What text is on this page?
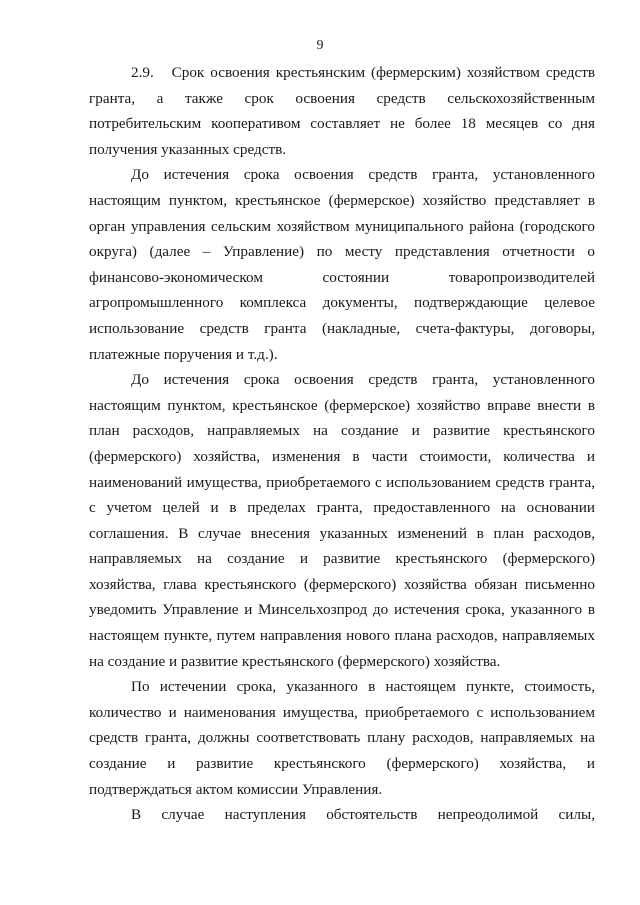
9

2.9.   Срок освоения крестьянским (фермерским) хозяйством средств гранта, а также срок освоения средств сельскохозяйственным потребительским кооперативом составляет не более 18 месяцев со дня получения указанных средств.

До истечения срока освоения средств гранта, установленного настоящим пунктом, крестьянское (фермерское) хозяйство представляет в орган управления сельским хозяйством муниципального района (городского округа) (далее – Управление) по месту представления отчетности о финансово-экономическом состоянии товаропроизводителей агропромышленного комплекса документы, подтверждающие целевое использование средств гранта (накладные, счета-фактуры, договоры, платежные поручения и т.д.).

До истечения срока освоения средств гранта, установленного настоящим пунктом, крестьянское (фермерское) хозяйство вправе внести в план расходов, направляемых на создание и развитие крестьянского (фермерского) хозяйства, изменения в части стоимости, количества и наименований имущества, приобретаемого с использованием средств гранта, с учетом целей и в пределах гранта, предоставленного на основании соглашения. В случае внесения указанных изменений в план расходов, направляемых на создание и развитие крестьянского (фермерского) хозяйства, глава крестьянского (фермерского) хозяйства обязан письменно уведомить Управление и Минсельхозпрод до истечения срока, указанного в настоящем пункте, путем направления нового плана расходов, направляемых на создание и развитие крестьянского (фермерского) хозяйства.

По истечении срока, указанного в настоящем пункте, стоимость, количество и наименования имущества, приобретаемого с использованием средств гранта, должны соответствовать плану расходов, направляемых на создание и развитие крестьянского (фермерского) хозяйства, и подтверждаться актом комиссии Управления.

В случае наступления обстоятельств непреодолимой силы,
